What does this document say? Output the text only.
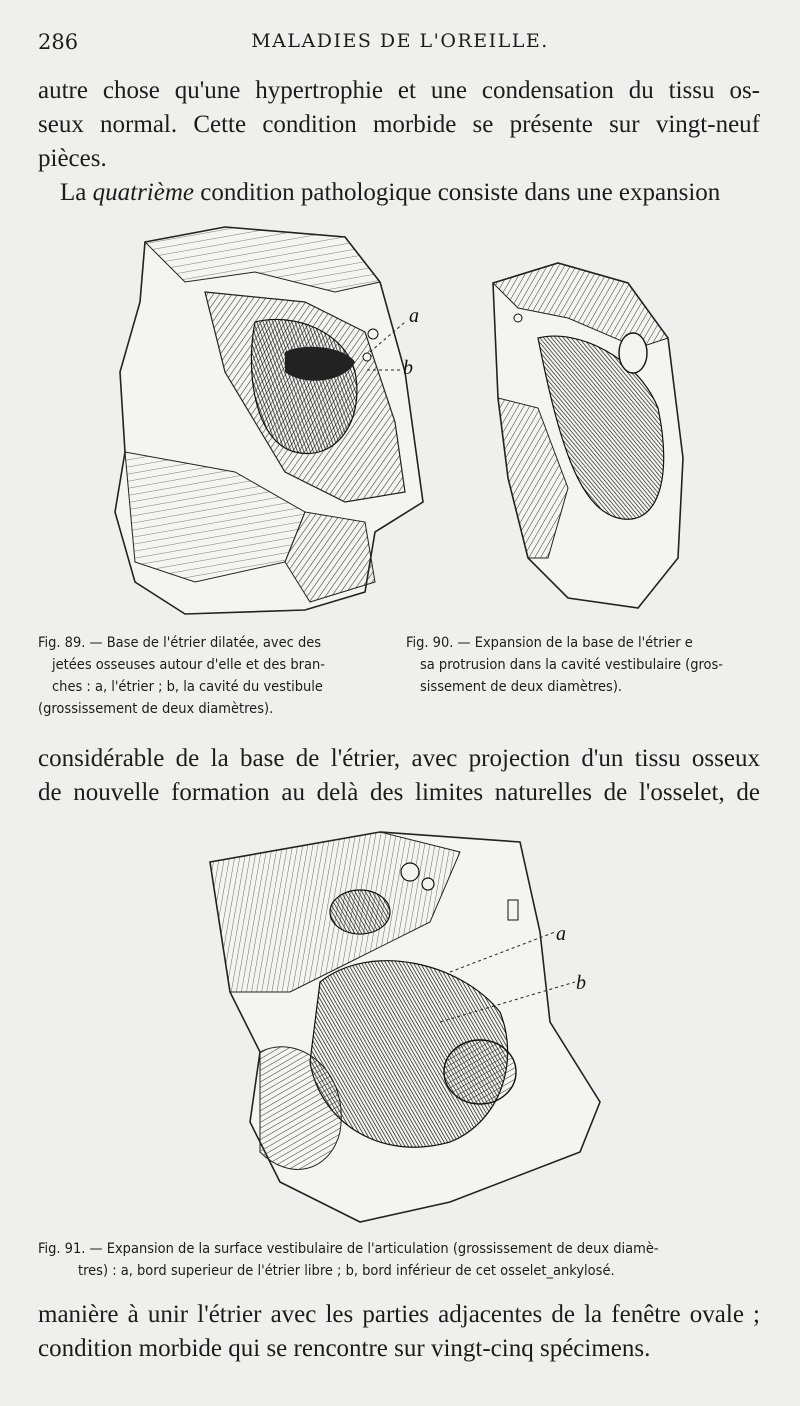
286	MALADIES DE L'OREILLE.

autre chose qu'une hypertrophie et une condensation du tissu os-
seux normal. Cette condition morbide se présente sur vingt-neuf
pièces.

La quatrième condition pathologique consiste dans une expansion

a
b

Fig. 89. — Base de l'étrier dilatée, avec des
jetées osseuses autour d'elle et des bran-
ches : a, l'étrier ; b, la cavité du vestibule
(grossissement de deux diamètres).

Fig. 90. — Expansion de la base de l'étrier e
sa protrusion dans la cavité vestibulaire (gros-
sissement de deux diamètres).

considérable de la base de l'étrier, avec projection d'un tissu osseux
de nouvelle formation au delà des limites naturelles de l'osselet, de

a
b

Fig. 91. — Expansion de la surface vestibulaire de l'articulation (grossissement de deux diamè-
tres) : a, bord superieur de l'étrier libre ; b, bord inférieur de cet osselet_ankylosé.

manière à unir l'étrier avec les parties adjacentes de la fenêtre ovale ;
condition morbide qui se rencontre sur vingt-cinq spécimens.
